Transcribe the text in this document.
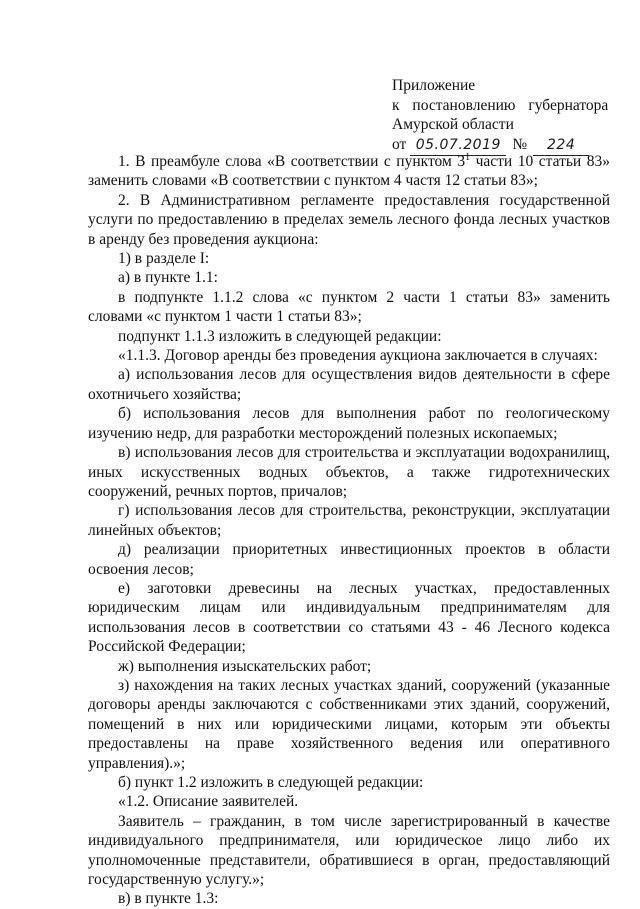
Приложение
к постановлению губернатора
Амурской области
от 05.07.2019 № 224

1. В преамбуле слова «В соответствии с пунктом $3^1$ части 10 статьи 83» заменить словами «В соответствии с пунктом 4 частя 12 статьи 83»;

2. В Административном регламенте предоставления государственной услуги по предоставлению в пределах земель лесного фонда лесных участков в аренду без проведения аукциона:

1) в разделе I:

а) в пункте 1.1:

в подпункте 1.1.2 слова «с пунктом 2 части 1 статьи 83» заменить словами «с пунктом 1 части 1 статьи 83»;

подпункт 1.1.3 изложить в следующей редакции:

«1.1.3. Договор аренды без проведения аукциона заключается в случаях:

а) использования лесов для осуществления видов деятельности в сфере охотничьего хозяйства;

б) использования лесов для выполнения работ по геологическому изучению недр, для разработки месторождений полезных ископаемых;

в) использования лесов для строительства и эксплуатации водохранилищ, иных искусственных водных объектов, а также гидротехнических сооружений, речных портов, причалов;

г) использования лесов для строительства, реконструкции, эксплуатации линейных объектов;

д) реализации приоритетных инвестиционных проектов в области освоения лесов;

е) заготовки древесины на лесных участках, предоставленных юридическим лицам или индивидуальным предпринимателям для использования лесов в соответствии со статьями 43 - 46 Лесного кодекса Российской Федерации;

ж) выполнения изыскательских работ;

з) нахождения на таких лесных участках зданий, сооружений (указанные договоры аренды заключаются с собственниками этих зданий, сооружений, помещений в них или юридическими лицами, которым эти объекты предоставлены на праве хозяйственного ведения или оперативного управления).»;

б) пункт 1.2 изложить в следующей редакции:

«1.2. Описание заявителей.

Заявитель – гражданин, в том числе зарегистрированный в качестве индивидуального предпринимателя, или юридическое лицо либо их уполномоченные представители, обратившиеся в орган, предоставляющий государственную услугу.»;

в) в пункте 1.3:
